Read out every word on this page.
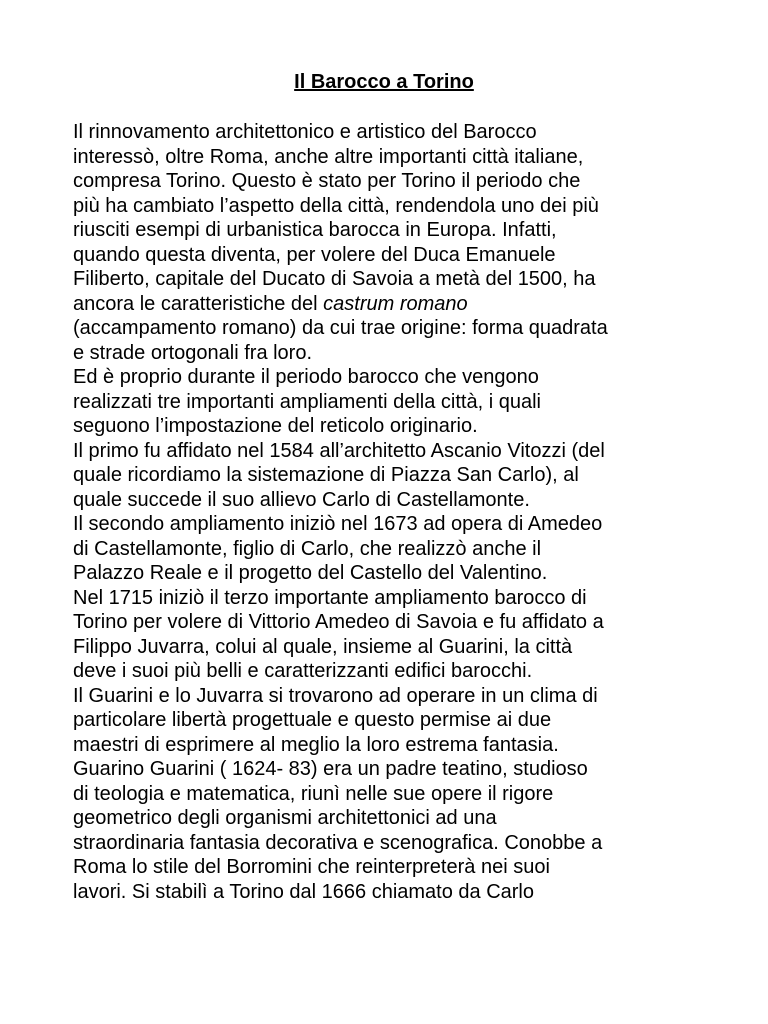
Il Barocco a Torino
Il rinnovamento architettonico e artistico del Barocco
interessò, oltre Roma, anche altre importanti città italiane,
compresa Torino. Questo è stato per Torino il periodo che
più ha cambiato l’aspetto della città, rendendola uno dei più
riusciti esempi di urbanistica barocca in Europa. Infatti,
quando questa diventa, per volere del Duca Emanuele
Filiberto, capitale del Ducato di Savoia a metà del 1500, ha
ancora le caratteristiche del castrum romano
(accampamento romano) da cui trae origine: forma quadrata
e strade ortogonali fra loro.
Ed è proprio durante il periodo barocco che vengono
realizzati tre importanti ampliamenti della città, i quali
seguono l’impostazione del reticolo originario.
Il primo fu affidato nel 1584 all’architetto Ascanio Vitozzi (del
quale ricordiamo la sistemazione di Piazza San Carlo), al
quale succede il suo allievo Carlo di Castellamonte.
Il secondo ampliamento iniziò nel 1673 ad opera di Amedeo
di Castellamonte, figlio di Carlo, che realizzò anche il
Palazzo Reale e il progetto del Castello del Valentino.
Nel 1715 iniziò il terzo importante ampliamento barocco di
Torino per volere di Vittorio Amedeo di Savoia e fu affidato a
Filippo Juvarra, colui al quale, insieme al Guarini, la città
deve i suoi più belli e caratterizzanti edifici barocchi.
Il Guarini e lo Juvarra si trovarono ad operare in un clima di
particolare libertà progettuale e questo permise ai due
maestri di esprimere al meglio la loro estrema fantasia.
Guarino Guarini ( 1624- 83) era un padre teatino, studioso
di teologia e matematica, riunì nelle sue opere il rigore
geometrico degli organismi architettonici ad una
straordinaria fantasia decorativa e scenografica. Conobbe a
Roma lo stile del Borromini che reinterpreterà nei suoi
lavori. Si stabilì a Torino dal 1666 chiamato da Carlo
